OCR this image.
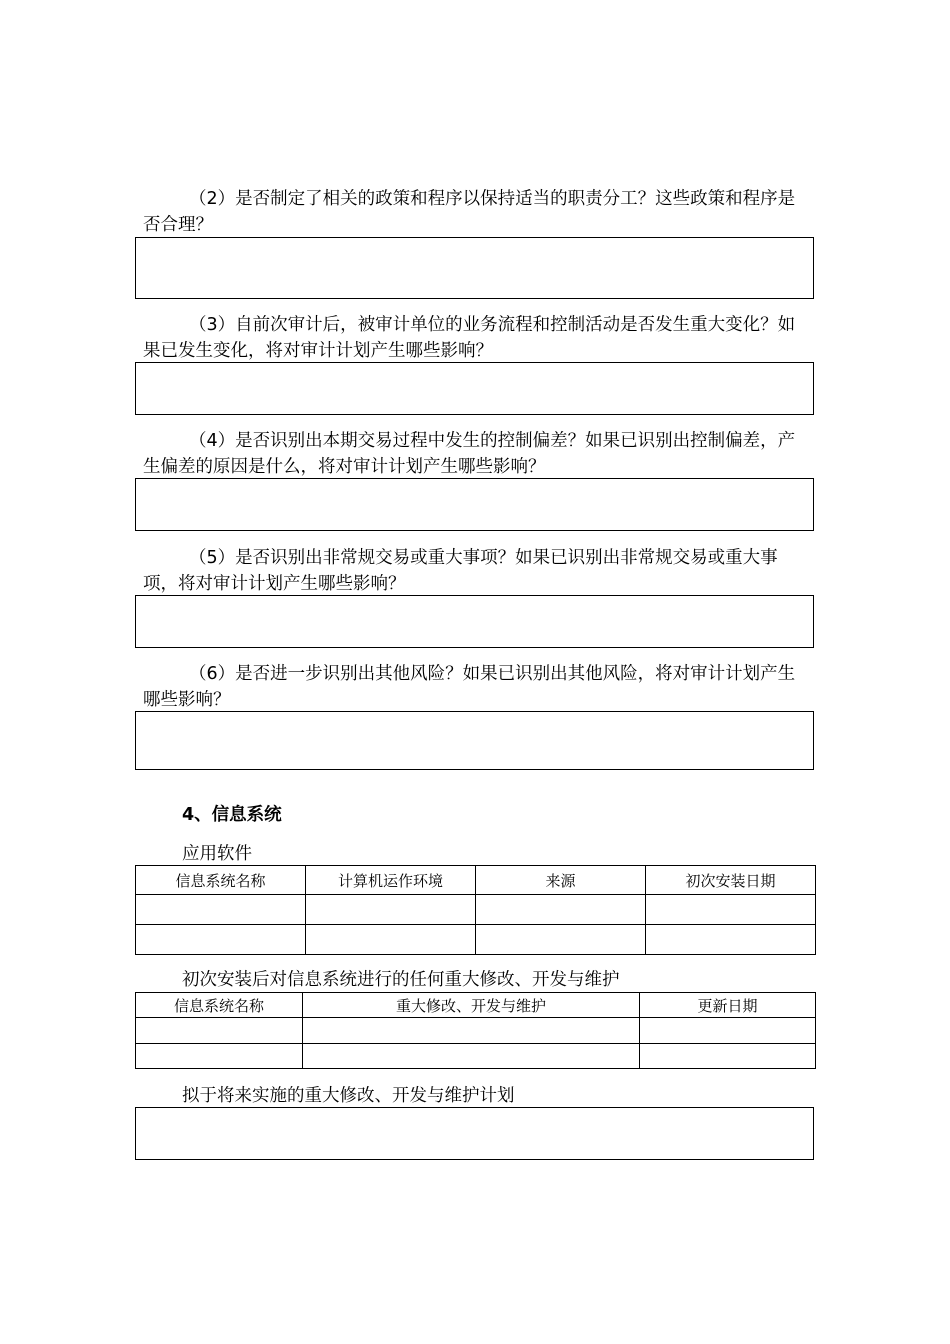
（2）是否制定了相关的政策和程序以保持适当的职责分工？这些政策和程序是否合理？

（3）自前次审计后，被审计单位的业务流程和控制活动是否发生重大变化？如果已发生变化，将对审计计划产生哪些影响？

（4）是否识别出本期交易过程中发生的控制偏差？如果已识别出控制偏差，产生偏差的原因是什么，将对审计计划产生哪些影响？

（5）是否识别出非常规交易或重大事项？如果已识别出非常规交易或重大事项，将对审计计划产生哪些影响？

（6）是否进一步识别出其他风险？如果已识别出其他风险，将对审计计划产生哪些影响？

4、信息系统

应用软件

信息系统名称	计算机运作环境	来源	初次安装日期

初次安装后对信息系统进行的任何重大修改、开发与维护

信息系统名称	重大修改、开发与维护	更新日期

拟于将来实施的重大修改、开发与维护计划
